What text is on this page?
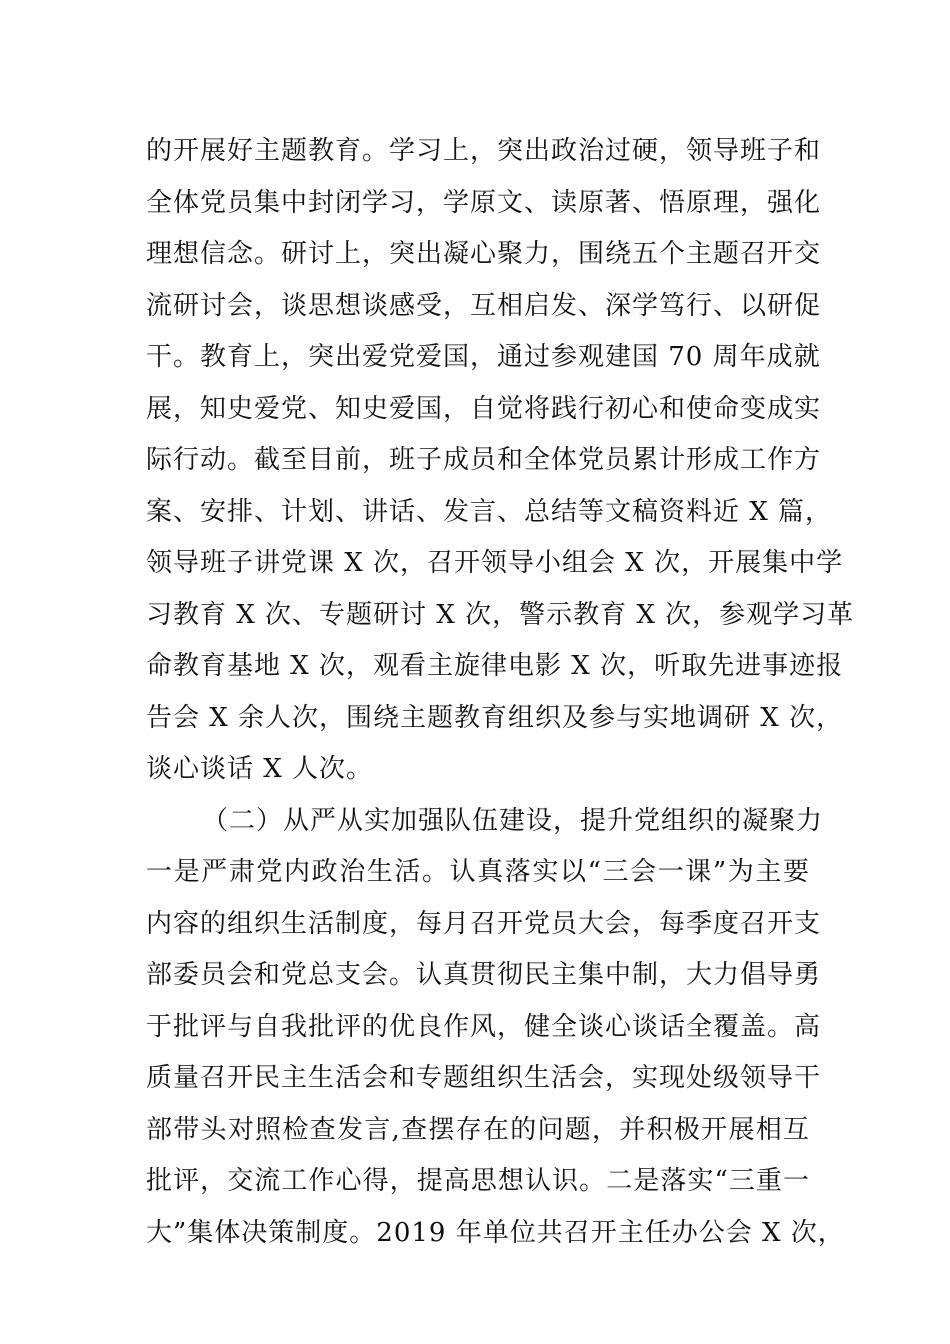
的开展好主题教育。学习上，突出政治过硬，领导班子和
全体党员集中封闭学习，学原文、读原著、悟原理，强化
理想信念。研讨上，突出凝心聚力，围绕五个主题召开交
流研讨会，谈思想谈感受，互相启发、深学笃行、以研促
干。教育上，突出爱党爱国，通过参观建国 70 周年成就
展，知史爱党、知史爱国，自觉将践行初心和使命变成实
际行动。截至目前，班子成员和全体党员累计形成工作方
案、安排、计划、讲话、发言、总结等文稿资料近 X 篇，
领导班子讲党课 X 次，召开领导小组会 X 次，开展集中学
习教育 X 次、专题研讨 X 次，警示教育 X 次，参观学习革
命教育基地 X 次，观看主旋律电影 X 次，听取先进事迹报
告会 X 余人次，围绕主题教育组织及参与实地调研 X 次，
谈心谈话 X 人次。
（二）从严从实加强队伍建设，提升党组织的凝聚力
一是严肃党内政治生活。认真落实以“三会一课”为主要
内容的组织生活制度，每月召开党员大会，每季度召开支
部委员会和党总支会。认真贯彻民主集中制，大力倡导勇
于批评与自我批评的优良作风，健全谈心谈话全覆盖。高
质量召开民主生活会和专题组织生活会，实现处级领导干
部带头对照检查发言,查摆存在的问题，并积极开展相互
批评，交流工作心得，提高思想认识。二是落实“三重一
大”集体决策制度。2019 年单位共召开主任办公会 X 次，
